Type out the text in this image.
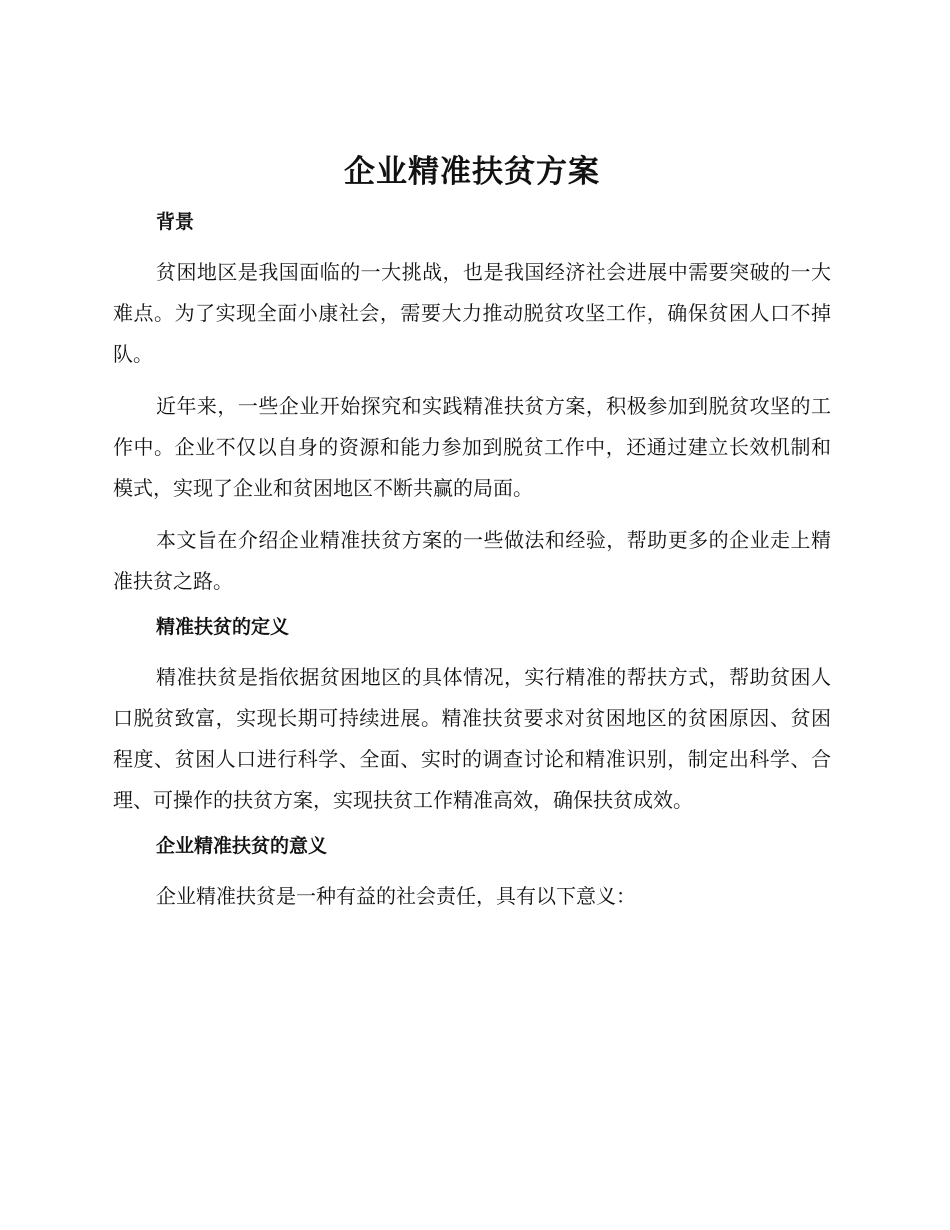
企业精准扶贫方案
背景

贫困地区是我国面临的一大挑战，也是我国经济社会进展中需要突破的一大难点。为了实现全面小康社会，需要大力推动脱贫攻坚工作，确保贫困人口不掉队。

近年来，一些企业开始探究和实践精准扶贫方案，积极参加到脱贫攻坚的工作中。企业不仅以自身的资源和能力参加到脱贫工作中，还通过建立长效机制和模式，实现了企业和贫困地区不断共赢的局面。

本文旨在介绍企业精准扶贫方案的一些做法和经验，帮助更多的企业走上精准扶贫之路。

精准扶贫的定义

精准扶贫是指依据贫困地区的具体情况，实行精准的帮扶方式，帮助贫困人口脱贫致富，实现长期可持续进展。精准扶贫要求对贫困地区的贫困原因、贫困程度、贫困人口进行科学、全面、实时的调查讨论和精准识别，制定出科学、合理、可操作的扶贫方案，实现扶贫工作精准高效，确保扶贫成效。

企业精准扶贫的意义

企业精准扶贫是一种有益的社会责任，具有以下意义：
